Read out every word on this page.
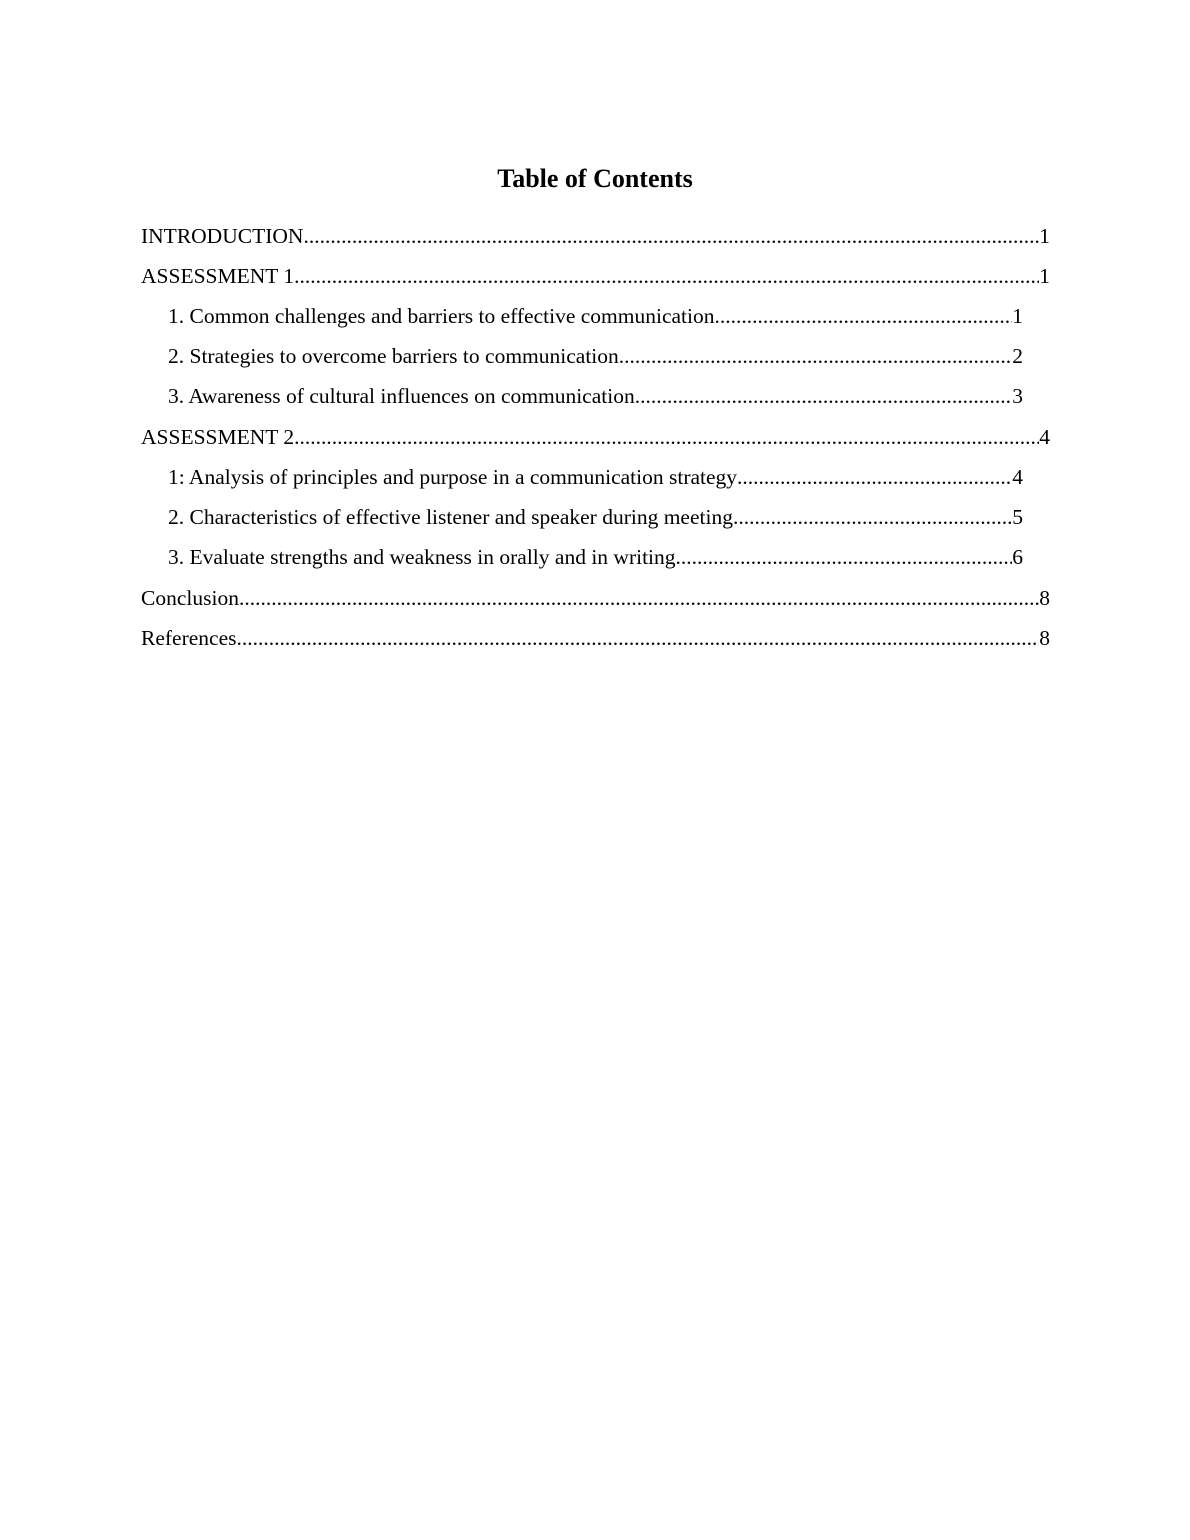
Table of Contents
INTRODUCTION .....	1
ASSESSMENT 1 .....	1
1. Common challenges and barriers to effective communication .....	1
2. Strategies to overcome barriers to communication .....	2
3. Awareness of cultural influences on communication .....	3
ASSESSMENT 2 .....	4
1: Analysis of principles and purpose in a communication strategy .....	4
2. Characteristics of effective listener and speaker during meeting .....	5
3. Evaluate strengths and weakness in orally and in writing .....	6
Conclusion .....	8
References .....	8
